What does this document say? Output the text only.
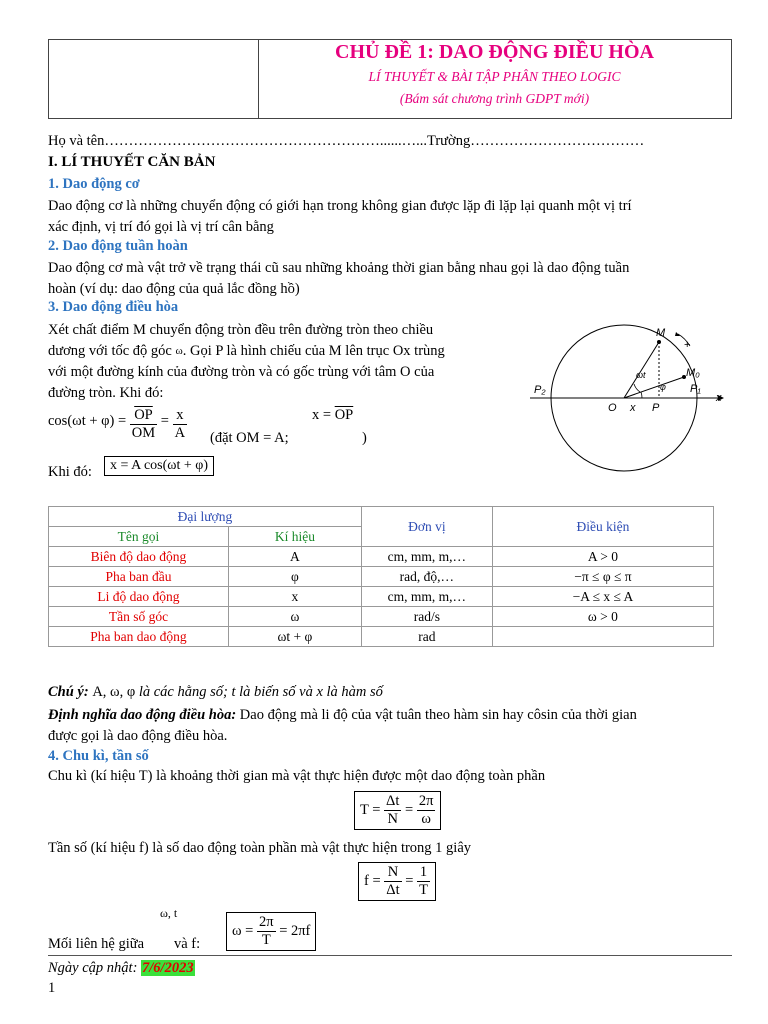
CHỦ ĐỀ 1: DAO ĐỘNG ĐIỀU HÒA
LÍ THUYẾT & BÀI TẬP PHÂN THEO LOGIC
(Bám sát chương trình GDPT mới)
Họ và tên…………………………………………………......…...Trường………………………………
I. LÍ THUYẾT CĂN BẢN
1. Dao động cơ
Dao động cơ là những chuyển động có giới hạn trong không gian được lặp đi lặp lại quanh một vị trí
xác định, vị trí đó gọi là vị trí cân bằng
2. Dao động tuần hoàn
Dao động cơ mà vật trở về trạng thái cũ sau những khoảng thời gian bằng nhau gọi là dao động tuần
hoàn (ví dụ: dao động của quả lắc đồng hồ)
3. Dao động điều hòa
Xét chất điểm M chuyển động tròn đều trên đường tròn theo chiều
dương với tốc độ góc $^\omega$. Gọi P là hình chiếu của M lên trục Ox trùng
với một đường kính của đường tròn và có gốc trùng với tâm O của
đường tròn. Khi đó:
$\cos(\omega t + \varphi) = \frac{\overline{OP}}{OM} = \frac{x}{A}$ (đặt OM = A;
$x = \overline{OP}$
)
Khi đó:	x = A cos(ωt + φ)
M
M₀
P₁
P₂
O	P
x
x
ωt
φ
+
Đại lượng		Đơn vị	Điều kiện
Tên gọi	Kí hiệu		
Biên độ dao động	A	cm, mm, m,…	A > 0
Pha ban đầu	φ	rad, độ,…	−π ≤ φ ≤ π
Li độ dao động	x	cm, mm, m,…	−A ≤ x ≤ A
Tần số góc	ω	rad/s	ω > 0
Pha ban dao động	ωt + φ	rad	
Chú ý: A, ω, φ là các hằng số; t là biến số và x là hàm số
Định nghĩa dao động điều hòa: Dao động mà li độ của vật tuân theo hàm sin hay côsin của thời gian
được gọi là dao động điều hòa.
4. Chu kì, tần số
Chu kì (kí hiệu T) là khoảng thời gian mà vật thực hiện được một dao động toàn phần
$T = \frac{\Delta t}{N} = \frac{2\pi}{\omega}$
Tần số (kí hiệu f) là số dao động toàn phần mà vật thực hiện trong 1 giây
$f = \frac{N}{\Delta t} = \frac{1}{T}$
ω, t
Mối liên hệ giữa và f:
$\omega = \frac{2\pi}{T} = 2\pi f$
Ngày cập nhật: 7/6/2023
1
